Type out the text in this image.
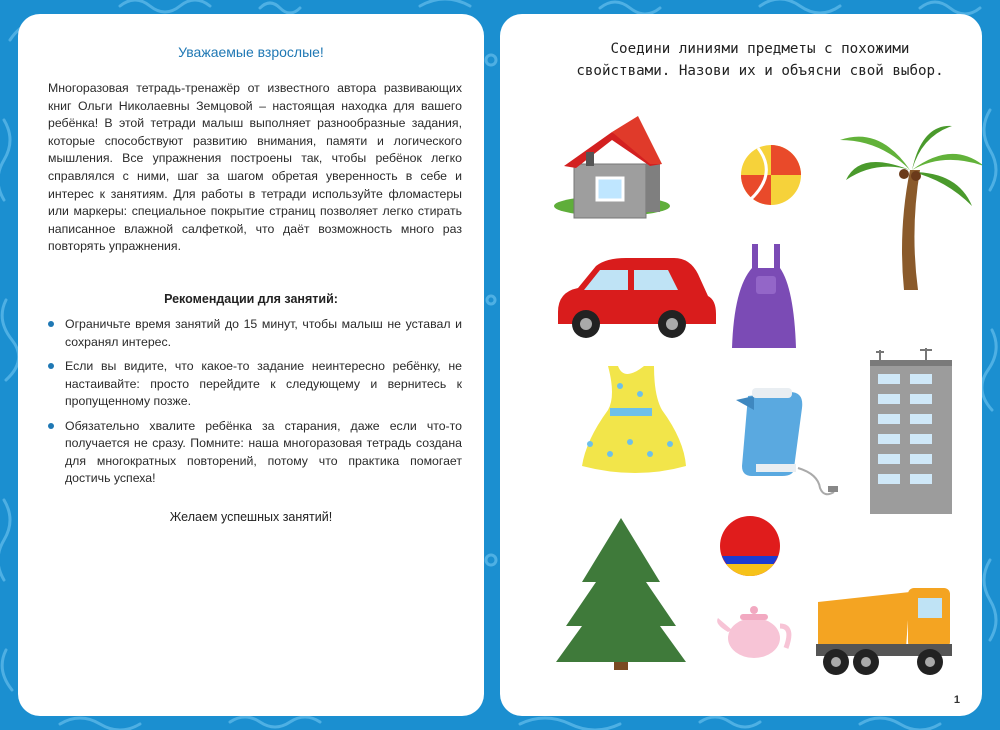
Уважаемые взрослые!

Многоразовая тетрадь-тренажёр от известного автора развивающих книг Ольги Николаевны Земцовой – настоящая находка для вашего ребёнка! В этой тетради малыш выполняет разнообразные задания, которые способствуют развитию внимания, памяти и логического мышления. Все упражнения построены так, чтобы ребёнок легко справлялся с ними, шаг за шагом обретая уверенность в себе и интерес к занятиям. Для работы в тетради используйте фломастеры или маркеры: специальное покрытие страниц позволяет легко стирать написанное влажной салфеткой, что даёт возможность много раз повторять упражнения.

Рекомендации для занятий:
Ограничьте время занятий до 15 минут, чтобы малыш не уставал и сохранял интерес.
Если вы видите, что какое-то задание неинтересно ребёнку, не настаивайте: просто перейдите к следующему и вернитесь к пропущенному позже.
Обязательно хвалите ребёнка за старания, даже если что-то получается не сразу. Помните: наша многоразовая тетрадь создана для многократных повторений, потому что практика помогает достичь успеха!
Желаем успешных занятий!

Соедини линиями предметы с похожими свойствами. Назови их и объясни свой выбор.

1
